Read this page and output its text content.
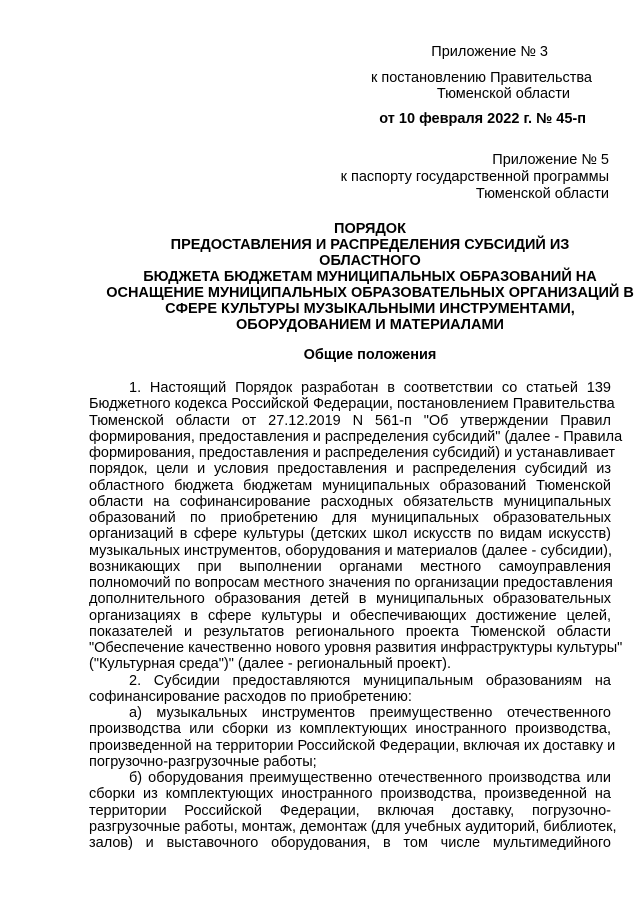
Приложение № 3
к постановлению Правительства
Тюменской области
от 10 февраля 2022 г. № 45-п
Приложение № 5
к паспорту государственной программы
Тюменской области
ПОРЯДОК
ПРЕДОСТАВЛЕНИЯ И РАСПРЕДЕЛЕНИЯ СУБСИДИЙ ИЗ
ОБЛАСТНОГО
БЮДЖЕТА БЮДЖЕТАМ МУНИЦИПАЛЬНЫХ ОБРАЗОВАНИЙ НА
ОСНАЩЕНИЕ МУНИЦИПАЛЬНЫХ ОБРАЗОВАТЕЛЬНЫХ ОРГАНИЗАЦИЙ В
СФЕРЕ КУЛЬТУРЫ МУЗЫКАЛЬНЫМИ ИНСТРУМЕНТАМИ,
ОБОРУДОВАНИЕМ И МАТЕРИАЛАМИ
Общие положения
1. Настоящий Порядок разработан в соответствии со статьей 139
Бюджетного кодекса Российской Федерации, постановлением Правительства
Тюменской области от 27.12.2019 N 561-п "Об утверждении Правил
формирования, предоставления и распределения субсидий" (далее - Правила
формирования, предоставления и распределения субсидий) и устанавливает
порядок, цели и условия предоставления и распределения субсидий из
областного бюджета бюджетам муниципальных образований Тюменской
области на софинансирование расходных обязательств муниципальных
образований по приобретению для муниципальных образовательных
организаций в сфере культуры (детских школ искусств по видам искусств)
музыкальных инструментов, оборудования и материалов (далее - субсидии),
возникающих при выполнении органами местного самоуправления
полномочий по вопросам местного значения по организации предоставления
дополнительного образования детей в муниципальных образовательных
организациях в сфере культуры и обеспечивающих достижение целей,
показателей и результатов регионального проекта Тюменской области
"Обеспечение качественно нового уровня развития инфраструктуры культуры"
("Культурная среда")" (далее - региональный проект).
2. Субсидии предоставляются муниципальным образованиям на
софинансирование расходов по приобретению:
а) музыкальных инструментов преимущественно отечественного
производства или сборки из комплектующих иностранного производства,
произведенной на территории Российской Федерации, включая их доставку и
погрузочно-разгрузочные работы;
б) оборудования преимущественно отечественного производства или
сборки из комплектующих иностранного производства, произведенной на
территории Российской Федерации, включая доставку, погрузочно-
разгрузочные работы, монтаж, демонтаж (для учебных аудиторий, библиотек,
залов) и выставочного оборудования, в том числе мультимедийного
